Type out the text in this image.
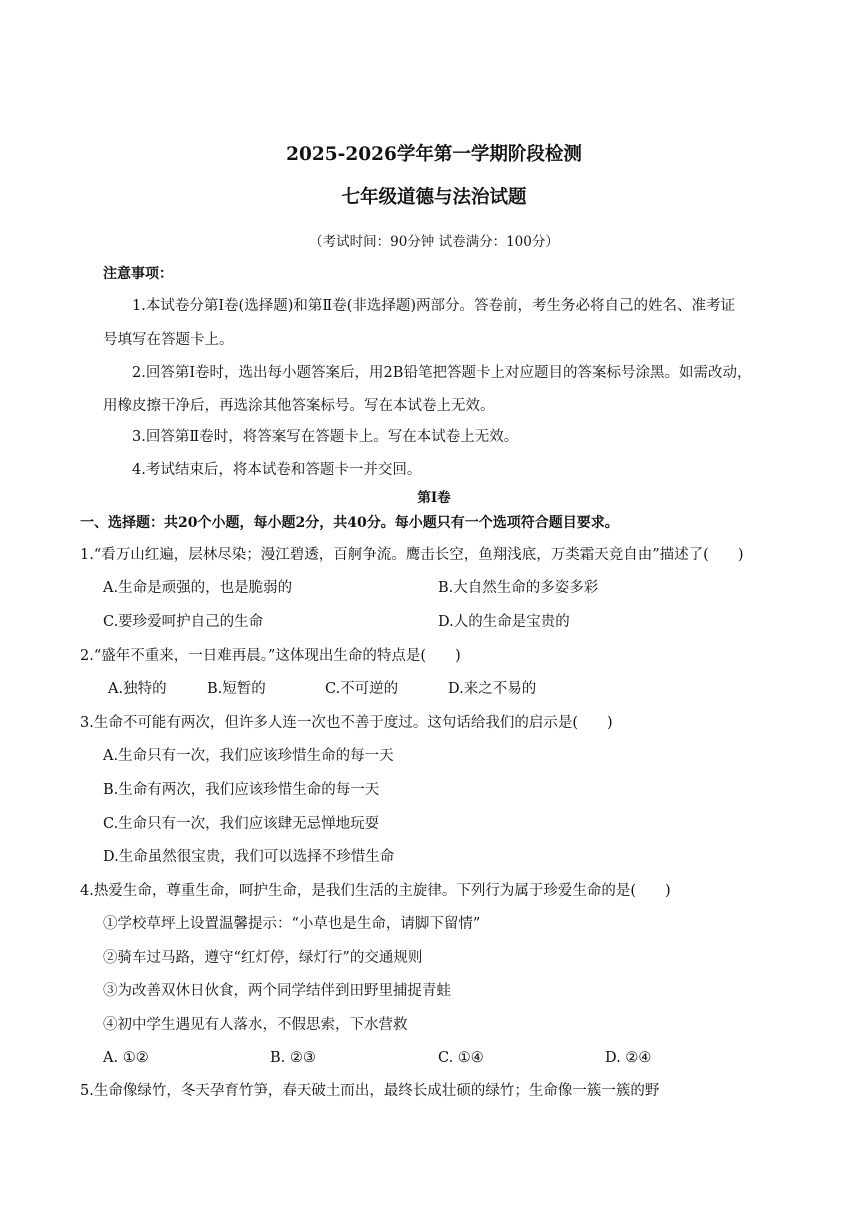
2025-2026学年第一学期阶段检测
七年级道德与法治试题
（考试时间：90分钟 试卷满分：100分）
注意事项：
1.本试卷分第Ⅰ卷(选择题)和第Ⅱ卷(非选择题)两部分。答卷前，考生务必将自己的姓名、准考证
号填写在答题卡上。
2.回答第Ⅰ卷时，选出每小题答案后，用2B铅笔把答题卡上对应题目的答案标号涂黑。如需改动，
用橡皮擦干净后，再选涂其他答案标号。写在本试卷上无效。
3.回答第Ⅱ卷时，将答案写在答题卡上。写在本试卷上无效。
4.考试结束后，将本试卷和答题卡一并交回。
第Ⅰ卷
一、选择题：共20个小题，每小题2分，共40分。每小题只有一个选项符合题目要求。
1.“看万山红遍，层林尽染；漫江碧透，百舸争流。鹰击长空，鱼翔浅底，万类霜天竞自由”描述了(　　)
A.生命是顽强的，也是脆弱的	B.大自然生命的多姿多彩
C.要珍爱呵护自己的生命	D.人的生命是宝贵的
2.“盛年不重来，一日难再晨。”这体现出生命的特点是(　　)
A.独特的	B.短暂的	C.不可逆的	D.来之不易的
3.生命不可能有两次，但许多人连一次也不善于度过。这句话给我们的启示是(　　)
A.生命只有一次，我们应该珍惜生命的每一天
B.生命有两次，我们应该珍惜生命的每一天
C.生命只有一次，我们应该肆无忌惮地玩耍
D.生命虽然很宝贵，我们可以选择不珍惜生命
4.热爱生命，尊重生命，呵护生命，是我们生活的主旋律。下列行为属于珍爱生命的是(　　)
①学校草坪上设置温馨提示：“小草也是生命，请脚下留情”
②骑车过马路，遵守“红灯停，绿灯行”的交通规则
③为改善双休日伙食，两个同学结伴到田野里捕捉青蛙
④初中学生遇见有人落水，不假思索，下水营救
A. ①②	B. ②③	C. ①④	D. ②④
5.生命像绿竹，冬天孕育竹笋，春天破土而出，最终长成壮硕的绿竹；生命像一簇一簇的野
